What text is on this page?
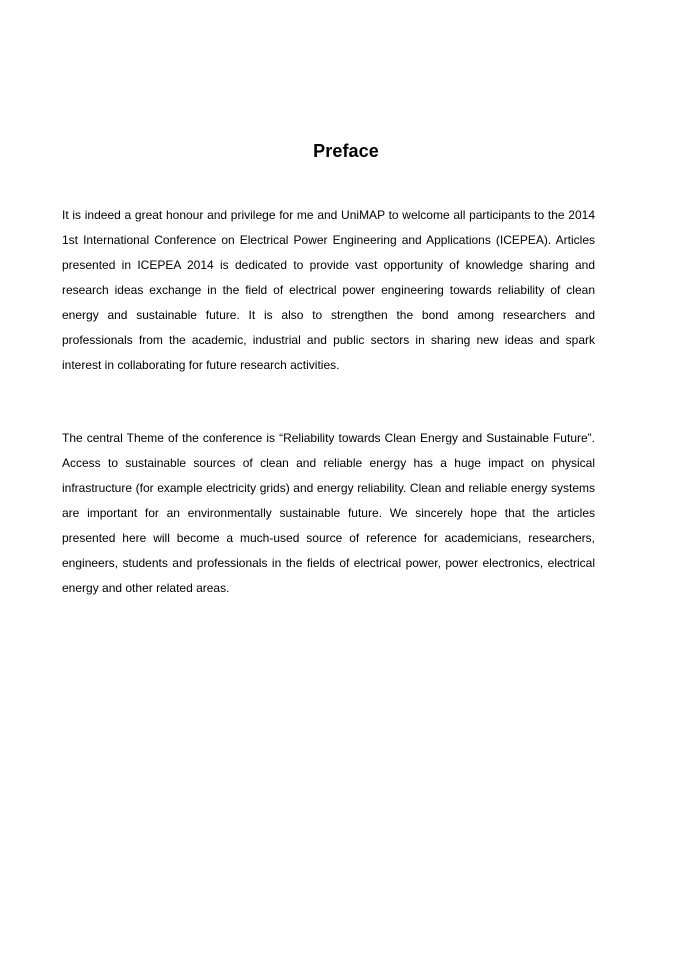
Preface

It is indeed a great honour and privilege for me and UniMAP to welcome all participants to the 2014 1st International Conference on Electrical Power Engineering and Applications (ICEPEA). Articles presented in ICEPEA 2014 is dedicated to provide vast opportunity of knowledge sharing and research ideas exchange in the field of electrical power engineering towards reliability of clean energy and sustainable future. It is also to strengthen the bond among researchers and professionals from the academic, industrial and public sectors in sharing new ideas and spark interest in collaborating for future research activities.

The central Theme of the conference is “Reliability towards Clean Energy and Sustainable Future”. Access to sustainable sources of clean and reliable energy has a huge impact on physical infrastructure (for example electricity grids) and energy reliability. Clean and reliable energy systems are important for an environmentally sustainable future. We sincerely hope that the articles presented here will become a much-used source of reference for academicians, researchers, engineers, students and professionals in the fields of electrical power, power electronics, electrical energy and other related areas.
